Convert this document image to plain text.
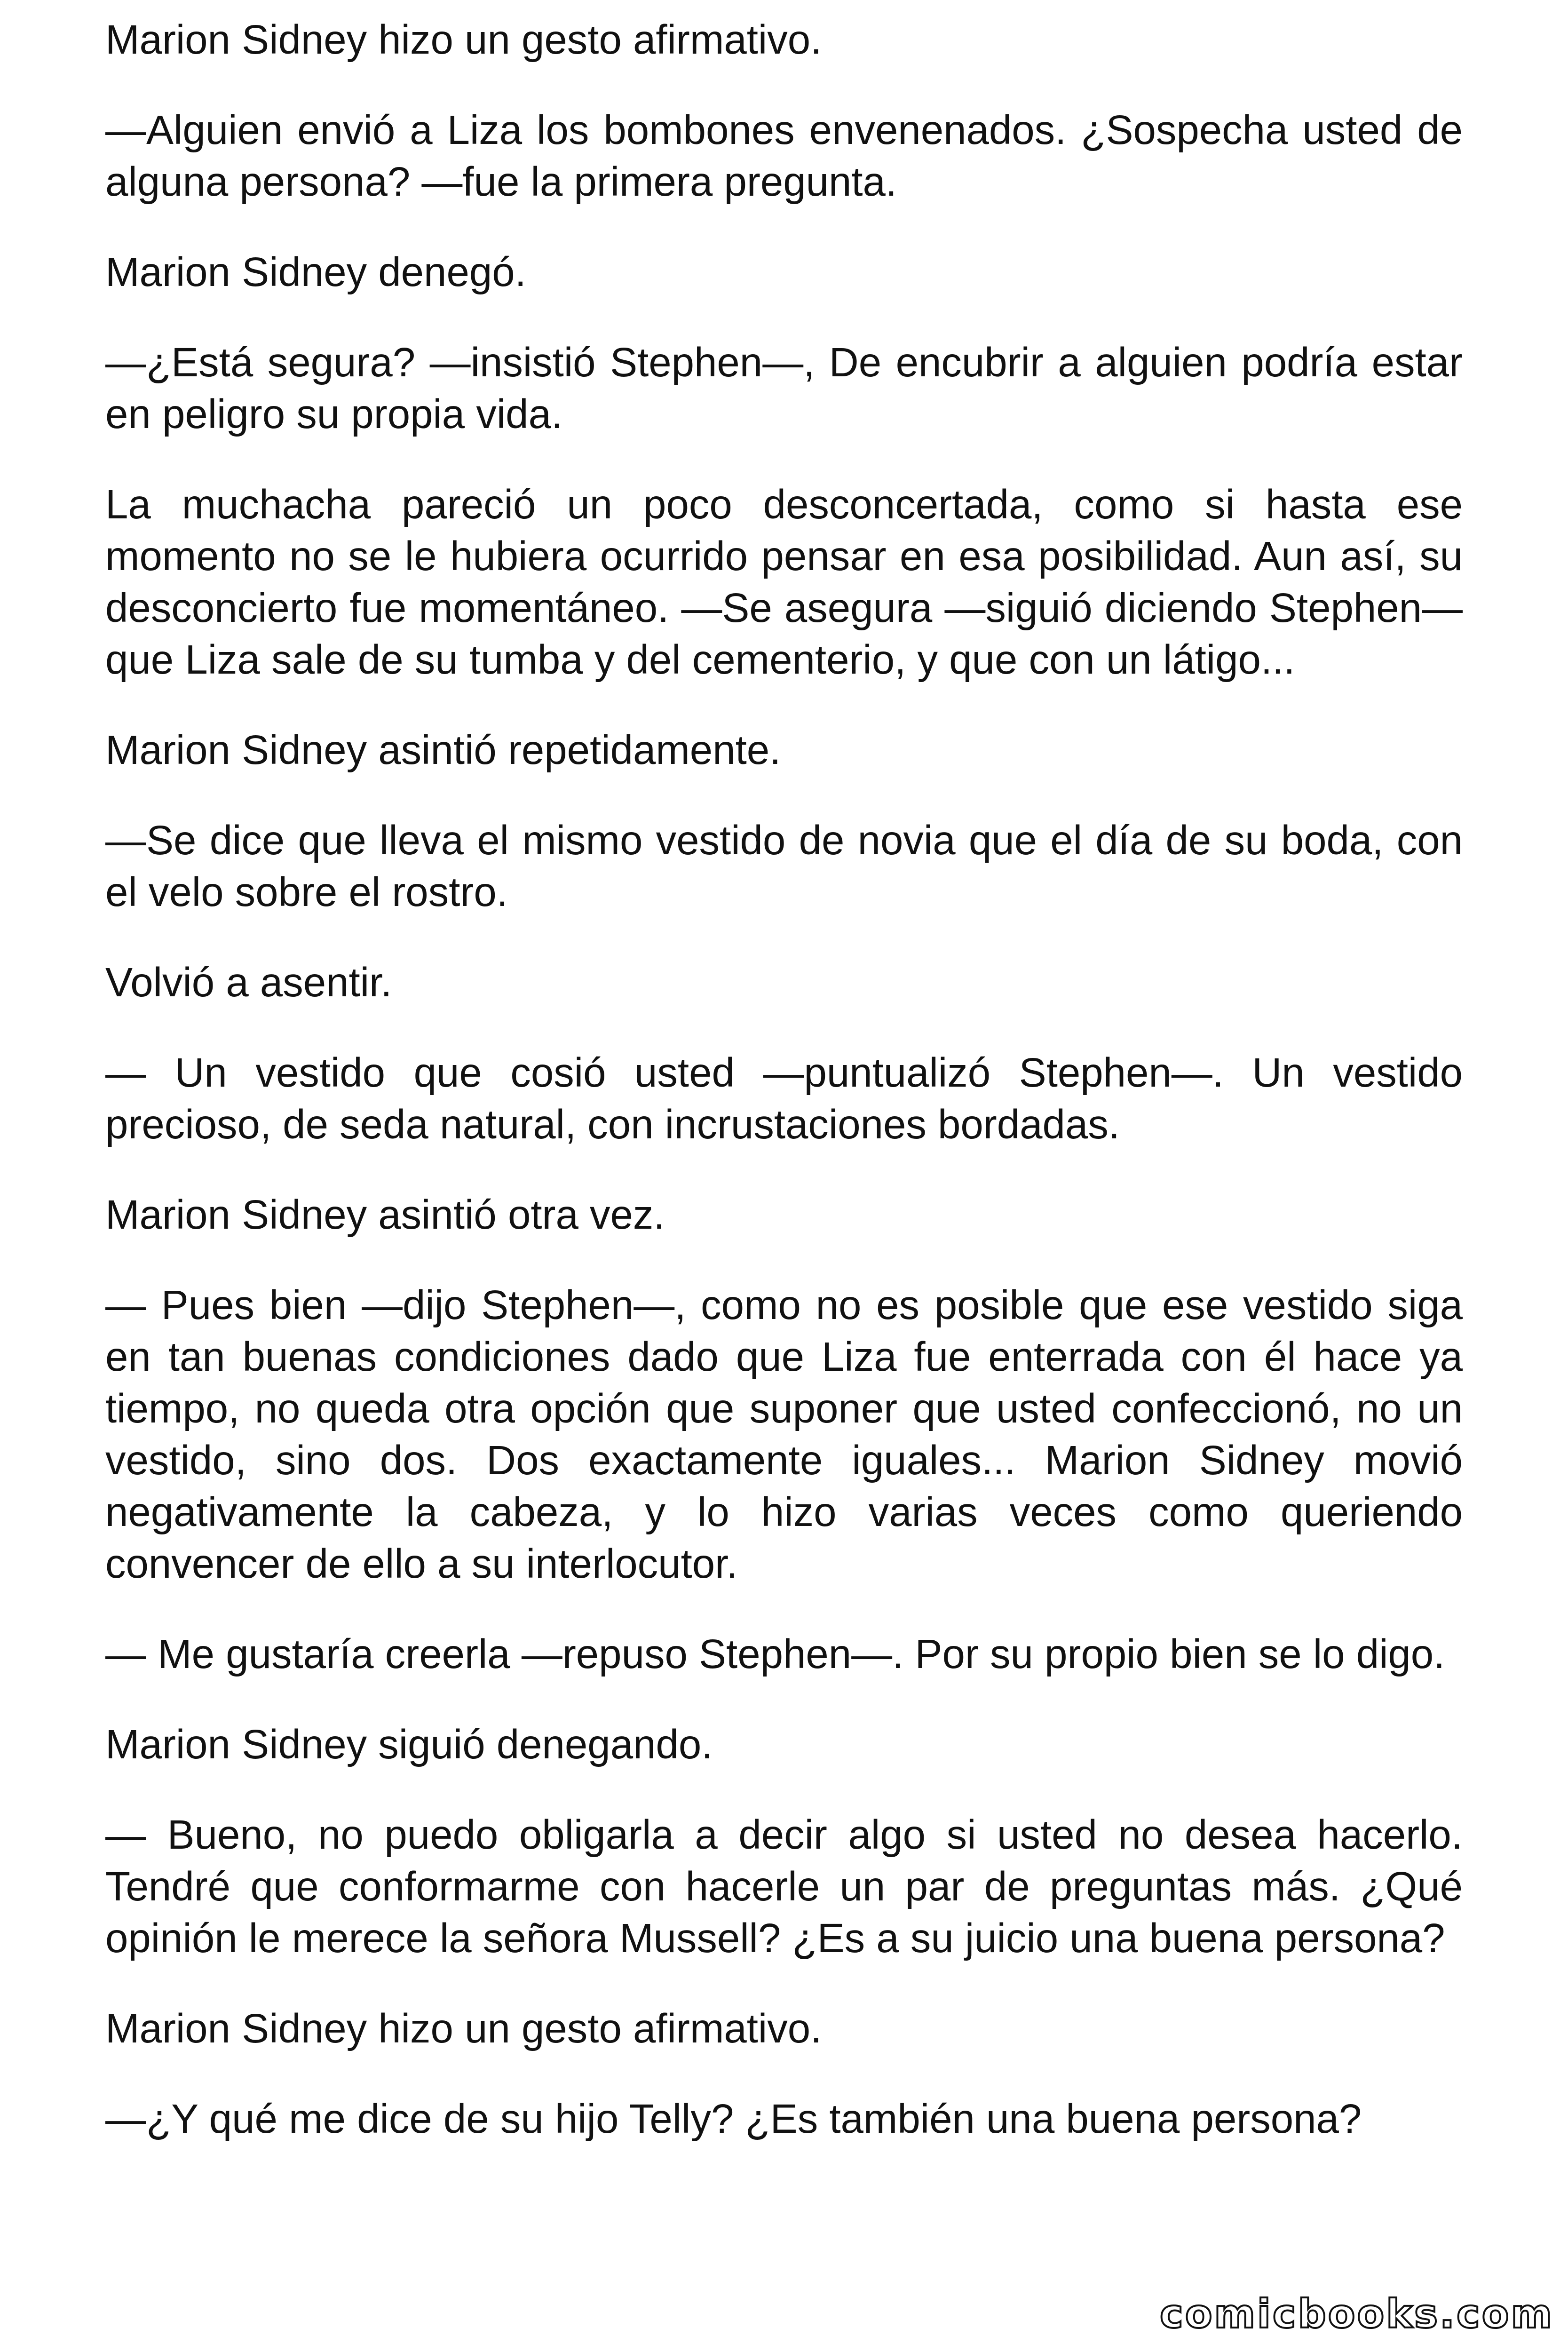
Marion Sidney hizo un gesto afirmativo.

—Alguien envió a Liza los bombones envenenados. ¿Sospecha usted de alguna persona? —fue la primera pregunta.

Marion Sidney denegó.

—¿Está segura? —insistió Stephen—, De encubrir a alguien podría estar en peligro su propia vida.

La muchacha pareció un poco desconcertada, como si hasta ese momento no se le hubiera ocurrido pensar en esa posibilidad. Aun así, su desconcierto fue momentáneo. —Se asegura —siguió diciendo Stephen— que Liza sale de su tumba y del cementerio, y que con un látigo...

Marion Sidney asintió repetidamente.

—Se dice que lleva el mismo vestido de novia que el día de su boda, con el velo sobre el rostro.

Volvió a asentir.

— Un vestido que cosió usted —puntualizó Stephen—. Un vestido precioso, de seda natural, con incrustaciones bordadas.

Marion Sidney asintió otra vez.

— Pues bien —dijo Stephen—, como no es posible que ese vestido siga en tan buenas condiciones dado que Liza fue enterrada con él hace ya tiempo, no queda otra opción que suponer que usted confeccionó, no un vestido, sino dos. Dos exactamente iguales... Marion Sidney movió negativamente la cabeza, y lo hizo varias veces como queriendo convencer de ello a su interlocutor.

— Me gustaría creerla —repuso Stephen—. Por su propio bien se lo digo.

Marion Sidney siguió denegando.

— Bueno, no puedo obligarla a decir algo si usted no desea hacerlo. Tendré que conformarme con hacerle un par de preguntas más. ¿Qué opinión le merece la señora Mussell? ¿Es a su juicio una buena persona?

Marion Sidney hizo un gesto afirmativo.

—¿Y qué me dice de su hijo Telly? ¿Es también una buena persona?

comicbooks.com
